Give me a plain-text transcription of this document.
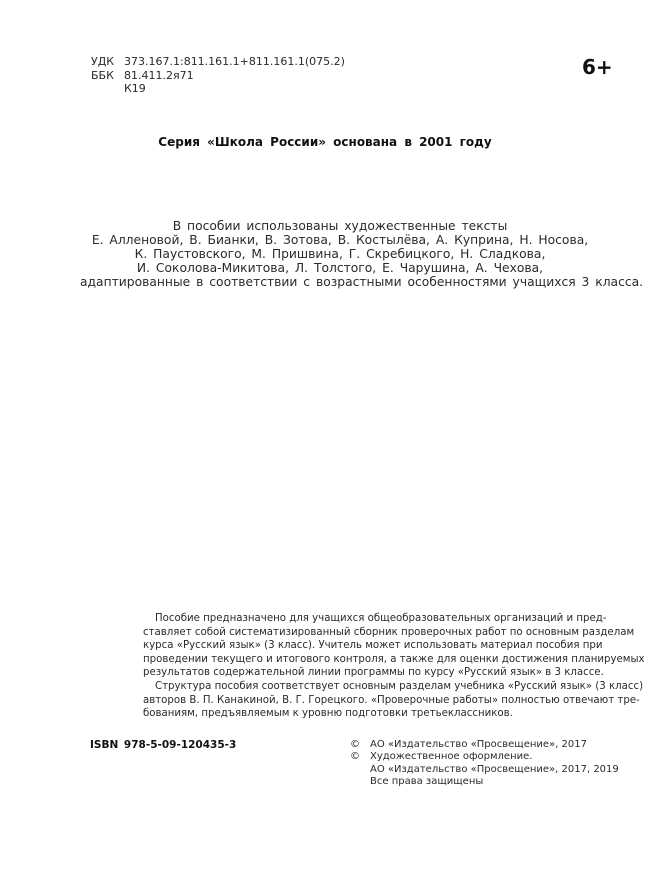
УДК 373.167.1:811.161.1+811.161.1(075.2)
ББК 81.411.2я71
К19
6+
Серия «Школа России» основана в 2001 году
В пособии использованы художественные тексты
Е. Алленовой, В. Бианки, В. Зотова, В. Костылёва, А. Куприна, Н. Носова,
К. Паустовского, М. Пришвина, Г. Скребицкого, Н. Сладкова,
И. Соколова-Микитова, Л. Толстого, Е. Чарушина, А. Чехова,
адаптированные в соответствии с возрастными особенностями учащихся 3 класса.
Пособие предназначено для учащихся общеобразовательных организаций и пред-
ставляет собой систематизированный сборник проверочных работ по основным разделам
курса «Русский язык» (3 класс). Учитель может использовать материал пособия при
проведении текущего и итогового контроля, а также для оценки достижения планируемых
результатов содержательной линии программы по курсу «Русский язык» в 3 классе.
Структура пособия соответствует основным разделам учебника «Русский язык» (3 класс)
авторов В. П. Канакиной, В. Г. Горецкого. «Проверочные работы» полностью отвечают тре-
бованиям, предъявляемым к уровню подготовки третьеклассников.
ISBN 978-5-09-120435-3	©	АО «Издательство «Просвещение», 2017
©	Художественное оформление.
АО «Издательство «Просвещение», 2017, 2019
Все права защищены
